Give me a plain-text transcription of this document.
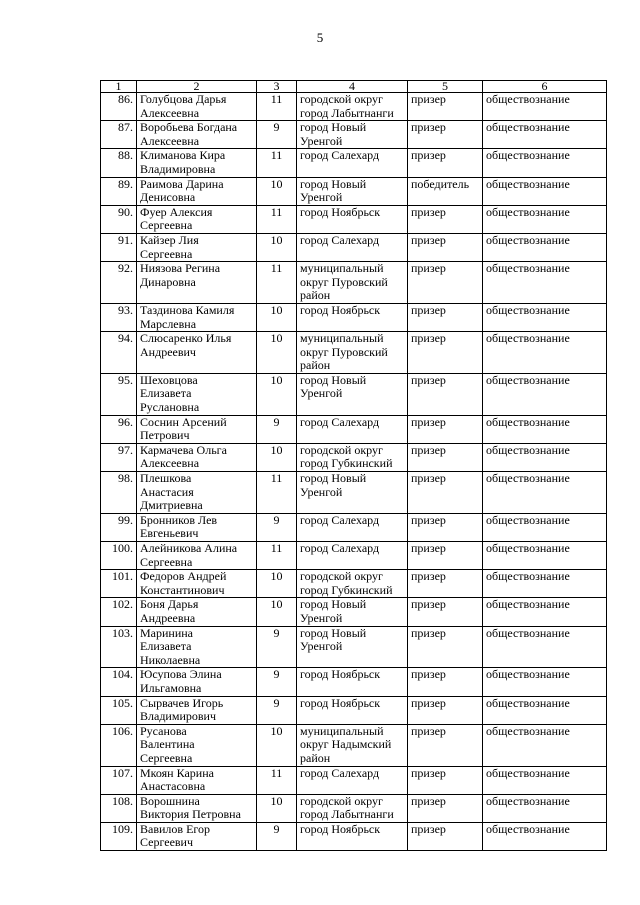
5
1	2	3	4	5	6
86.	Голубцова Дарья
Алексеевна	11	городской округ
город Лабытнанги	призер	обществознание
87.	Воробьева Богдана
Алексеевна	9	город Новый
Уренгой	призер	обществознание
88.	Климанова Кира
Владимировна	11	город Салехард	призер	обществознание
89.	Раимова Дарина
Денисовна	10	город Новый
Уренгой	победитель	обществознание
90.	Фуер Алексия
Сергеевна	11	город Ноябрьск	призер	обществознание
91.	Кайзер Лия
Сергеевна	10	город Салехард	призер	обществознание
92.	Ниязова Регина
Динаровна	11	муниципальный
округ Пуровский
район	призер	обществознание
93.	Таздинова Камиля
Марслевна	10	город Ноябрьск	призер	обществознание
94.	Слюсаренко Илья
Андреевич	10	муниципальный
округ Пуровский
район	призер	обществознание
95.	Шеховцова
Елизавета
Руслановна	10	город Новый
Уренгой	призер	обществознание
96.	Соснин Арсений
Петрович	9	город Салехард	призер	обществознание
97.	Кармачева Ольга
Алексеевна	10	городской округ
город Губкинский	призер	обществознание
98.	Плешкова
Анастасия
Дмитриевна	11	город Новый
Уренгой	призер	обществознание
99.	Бронников Лев
Евгеньевич	9	город Салехард	призер	обществознание
100.	Алейникова Алина
Сергеевна	11	город Салехард	призер	обществознание
101.	Федоров Андрей
Константинович	10	городской округ
город Губкинский	призер	обществознание
102.	Боня Дарья
Андреевна	10	город Новый
Уренгой	призер	обществознание
103.	Маринина
Елизавета
Николаевна	9	город Новый
Уренгой	призер	обществознание
104.	Юсупова Элина
Ильгамовна	9	город Ноябрьск	призер	обществознание
105.	Сырвачев Игорь
Владимирович	9	город Ноябрьск	призер	обществознание
106.	Русанова
Валентина
Сергеевна	10	муниципальный
округ Надымский
район	призер	обществознание
107.	Мкоян Карина
Анастасовна	11	город Салехард	призер	обществознание
108.	Ворошнина
Виктория Петровна	10	городской округ
город Лабытнанги	призер	обществознание
109.	Вавилов Егор
Сергеевич	9	город Ноябрьск	призер	обществознание
